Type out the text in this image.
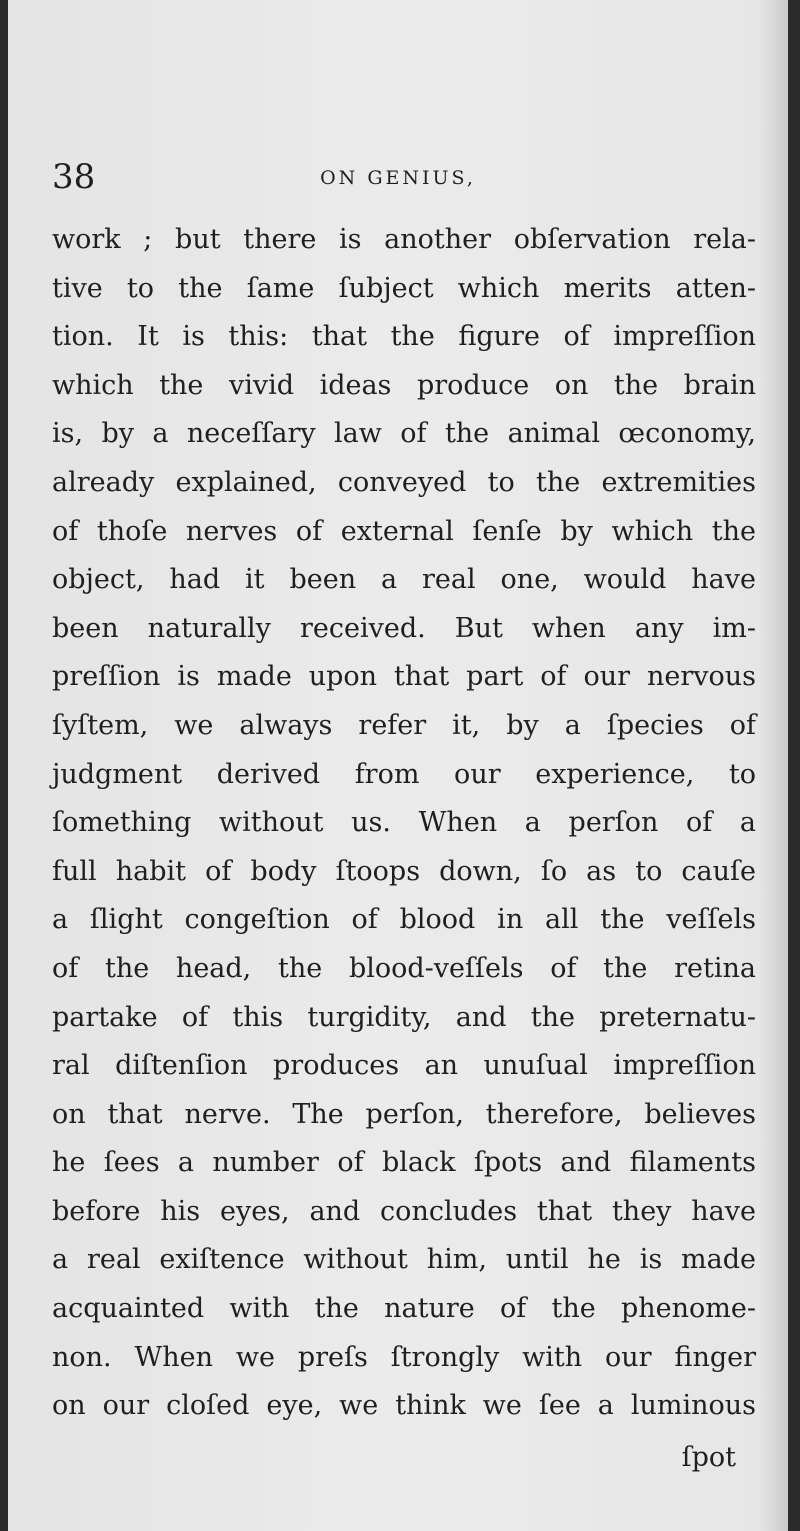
38	ON GENIUS,
work ; but there is another obſervation rela-
tive to the ſame ſubject which merits atten-
tion. It is this: that the figure of impreſſion
which the vivid ideas produce on the brain
is, by a neceſſary law of the animal œconomy,
already explained, conveyed to the extremities
of thoſe nerves of external ſenſe by which the
object, had it been a real one, would have
been naturally received. But when any im-
preſſion is made upon that part of our nervous
ſyſtem, we always refer it, by a ſpecies of
judgment derived from our experience, to
ſomething without us. When a perſon of a
full habit of body ſtoops down, ſo as to cauſe
a ſlight congeſtion of blood in all the veſſels
of the head, the blood-veſſels of the retina
partake of this turgidity, and the preternatu-
ral diſtenſion produces an unuſual impreſſion
on that nerve. The perſon, therefore, believes
he ſees a number of black ſpots and filaments
before his eyes, and concludes that they have
a real exiſtence without him, until he is made
acquainted with the nature of the phenome-
non. When we preſs ſtrongly with our finger
on our cloſed eye, we think we ſee a luminous
ſpot
